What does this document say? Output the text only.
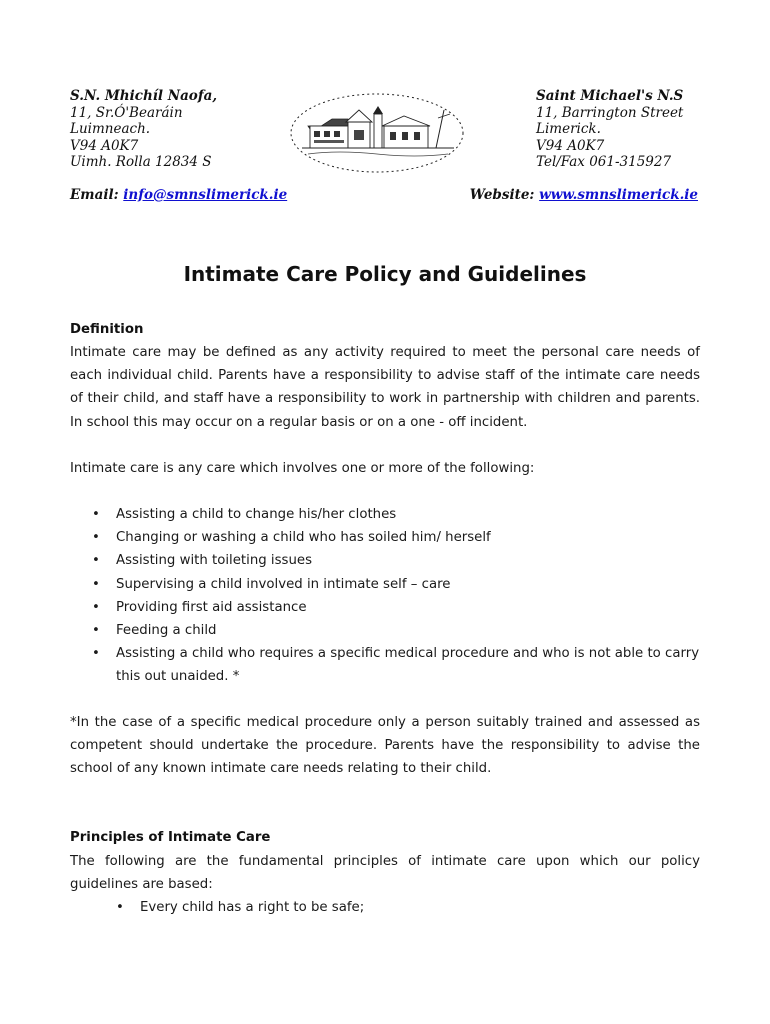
S.N. Mhichíl Naofa,
11, Sr.Ó'Bearáin
Luimneach.
V94 A0K7
Uimh. Rolla 12834 S
Saint Michael's N.S
11, Barrington Street
Limerick.
V94 A0K7
Tel/Fax 061-315927
Email: info@smnslimerick.ie	Website: www.smnslimerick.ie
Intimate Care Policy and Guidelines

Definition

Intimate care may be defined as any activity required to meet the personal care needs of each individual child. Parents have a responsibility to advise staff of the intimate care needs of their child, and staff have a responsibility to work in partnership with children and parents. In school this may occur on a regular basis or on a one - off incident.

Intimate care is any care which involves one or more of the following:

• Assisting a child to change his/her clothes
• Changing or washing a child who has soiled him/ herself
• Assisting with toileting issues
• Supervising a child involved in intimate self – care
• Providing first aid assistance
• Feeding a child
• Assisting a child who requires a specific medical procedure and who is not able to carry this out unaided. *

*In the case of a specific medical procedure only a person suitably trained and assessed as competent should undertake the procedure. Parents have the responsibility to advise the school of any known intimate care needs relating to their child.

Principles of Intimate Care

The following are the fundamental principles of intimate care upon which our policy guidelines are based:

• Every child has a right to be safe;
